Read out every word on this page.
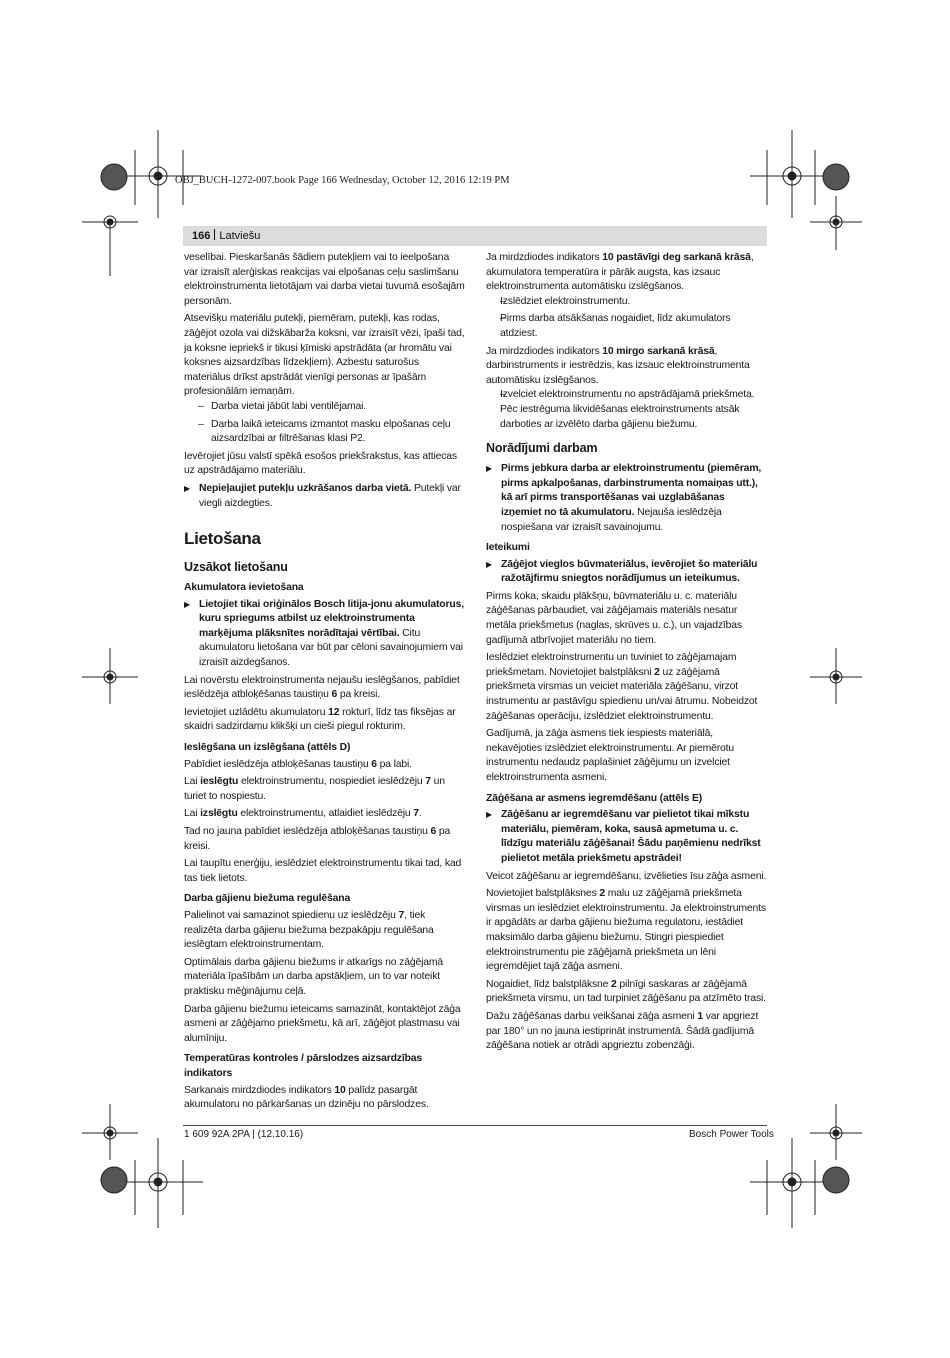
OBJ_BUCH-1272-007.book Page 166 Wednesday, October 12, 2016 12:19 PM
166 Latviešu

veselībai. Pieskaršanās šādiem putekļiem vai to ieelpošana var izraisīt alerģiskas reakcijas vai elpošanas ceļu saslimšanu elektroinstrumenta lietotājam vai darba vietai tuvumā esošajām personām.

Atsevišķu materiālu putekļi, piemēram, putekļi, kas rodas, zāģējot ozola vai dižskābarža koksni, var izraisīt vēzi, īpaši tad, ja koksne iepriekš ir tikusi ķīmiski apstrādāta (ar hromātu vai koksnes aizsardzības līdzekļiem). Azbestu saturošus materiālus drīkst apstrādāt vienīgi personas ar īpašām profesionālām iemaņām.

– Darba vietai jābūt labi ventilējamai.

– Darba laikā ieteicams izmantot masku elpošanas ceļu aizsardzībai ar filtrēšanas klasi P2.

Ievērojiet jūsu valstī spēkā esošos priekšrakstus, kas attiecas uz apstrādājamo materiālu.

▶ Nepieļaujiet putekļu uzkrāšanos darba vietā. Putekļi var viegli aizdegties.

Lietošana
Uzsākot lietošanu
Akumulatora ievietošana

▶ Lietojiet tikai oriģinālos Bosch litija-jonu akumulatorus, kuru spriegums atbilst uz elektroinstrumenta marķējuma plāksnītes norādītajai vērtībai. Citu akumulatoru lietošana var būt par cēloni savainojumiem vai izraisīt aizdegšanos.

Lai novērstu elektroinstrumenta nejaušu ieslēgšanos, pabīdiet ieslēdzēja atbloķēšanas taustiņu 6 pa kreisi.

Ievietojiet uzlādētu akumulatoru 12 rokturī, līdz tas fiksējas ar skaidri sadzirdamu klikšķi un cieši piegul rokturim.

Ieslēgšana un izslēgšana (attēls D)

Pabīdiet ieslēdzēja atbloķēšanas taustiņu 6 pa labi.

Lai ieslēgtu elektroinstrumentu, nospiediet ieslēdzēju 7 un turiet to nospiestu.

Lai izslēgtu elektroinstrumentu, atlaidiet ieslēdzēju 7.

Tad no jauna pabīdiet ieslēdzēja atbloķēšanas taustiņu 6 pa kreisi.

Lai taupītu enerģiju, ieslēdziet elektroinstrumentu tikai tad, kad tas tiek lietots.

Darba gājienu biežuma regulēšana

Palielinot vai samazinot spiedienu uz ieslēdzēju 7, tiek realizēta darba gājienu biežuma bezpakāpju regulēšana ieslēgtam elektroinstrumentam.

Optimālais darba gājienu biežums ir atkarīgs no zāģējamā materiāla īpašībām un darba apstākļiem, un to var noteikt praktisku mēģinājumu ceļā.

Darba gājienu biežumu ieteicams samazināt, kontaktējot zāģa asmeni ar zāģējamo priekšmetu, kā arī, zāģējot plastmasu vai alumīniju.

Temperatūras kontroles / pārslodzes aizsardzības indikators

Sarkanais mirdzdiodes indikators 10 palīdz pasargāt akumulatoru no pārkaršanas un dzinēju no pārslodzes.

Ja mirdzdiodes indikators 10 pastāvīgi deg sarkanā krāsā, akumulatora temperatūra ir pārāk augsta, kas izsauc elektroinstrumenta automātisku izslēgšanos.

– Izslēdziet elektroinstrumentu.

– Pirms darba atsākšanas nogaidiet, līdz akumulators atdziest.

Ja mirdzdiodes indikators 10 mirgo sarkanā krāsā, darbinstruments ir iestrēdzis, kas izsauc elektroinstrumenta automātisku izslēgšanos.

– Izvelciet elektroinstrumentu no apstrādājamā priekšmeta. Pēc iestrēguma likvidēšanas elektroinstruments atsāk darboties ar izvēlēto darba gājienu biežumu.

Norādījumi darbam

▶ Pirms jebkura darba ar elektroinstrumentu (piemēram, pirms apkalpošanas, darbinstrumenta nomaiņas utt.), kā arī pirms transportēšanas vai uzglabāšanas izņemiet no tā akumulatoru. Nejauša ieslēdzēja nospiešana var izraisīt savainojumu.

Ieteikumi

▶ Zāģējot vieglos būvmateriālus, ievērojiet šo materiālu ražotājfirmu sniegtos norādījumus un ieteikumus.

Pirms koka, skaidu plākšņu, būvmateriālu u. c. materiālu zāģēšanas pārbaudiet, vai zāģējamais materiāls nesatur metāla priekšmetus (naglas, skrūves u. c.), un vajadzības gadījumā atbrīvojiet materiālu no tiem.

Ieslēdziet elektroinstrumentu un tuviniet to zāģējamajam priekšmetam. Novietojiet balstplāksni 2 uz zāģējamā priekšmeta virsmas un veiciet materiāla zāģēšanu, virzot instrumentu ar pastāvīgu spiedienu un/vai ātrumu. Nobeidzot zāģēšanas operāciju, izslēdziet elektroinstrumentu.

Gadījumā, ja zāģa asmens tiek iespiests materiālā, nekavējoties izslēdziet elektroinstrumentu. Ar piemērotu instrumentu nedaudz paplašiniet zāģējumu un izvelciet elektroinstrumenta asmeni.

Zāģēšana ar asmens iegremdēšanu (attēls E)

▶ Zāģēšanu ar iegremdēšanu var pielietot tikai mīkstu materiālu, piemēram, koka, sausā apmetuma u. c. līdzīgu materiālu zāģēšanai! Šādu paņēmienu nedrīkst pielietot metāla priekšmetu apstrādei!

Veicot zāģēšanu ar iegremdēšanu, izvēlieties īsu zāģa asmeni.

Novietojiet balstplāksnes 2 malu uz zāģējamā priekšmeta virsmas un ieslēdziet elektroinstrumentu. Ja elektroinstruments ir apgādāts ar darba gājienu biežuma regulatoru, iestādiet maksimālo darba gājienu biežumu. Stingri piespiediet elektroinstrumentu pie zāģējamā priekšmeta un lēni iegremdējiet tajā zāģa asmeni.

Nogaidiet, līdz balstplāksne 2 pilnīgi saskaras ar zāģējamā priekšmeta virsmu, un tad turpiniet zāģēšanu pa atzīmēto trasi.

Dažu zāģēšanas darbu veikšanai zāģa asmeni 1 var apgriezt par 180° un no jauna iestiprināt instrumentā. Šādā gadījumā zāģēšana notiek ar otrādi apgrieztu zobenzāģi.

1 609 92A 2PA | (12.10.16)	Bosch Power Tools
